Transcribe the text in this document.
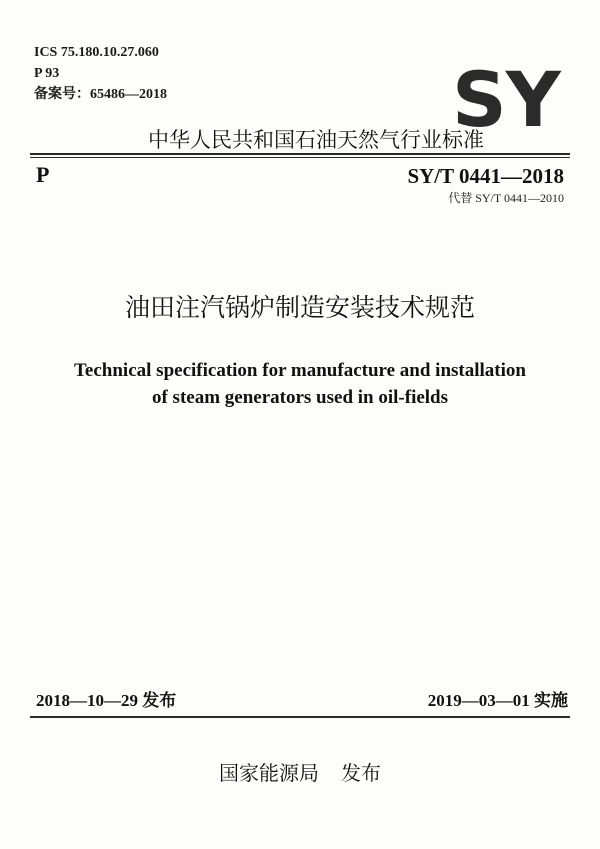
ICS 75.180.10.27.060
P 93
备案号：65486—2018	SY
中华人民共和国石油天然气行业标准
P	SY/T 0441—2018
代替 SY/T 0441—2010
油田注汽锅炉制造安装技术规范
Technical specification for manufacture and installation
of steam generators used in oil-fields
2018—10—29 发布	2019—03—01 实施
国家能源局 发布
